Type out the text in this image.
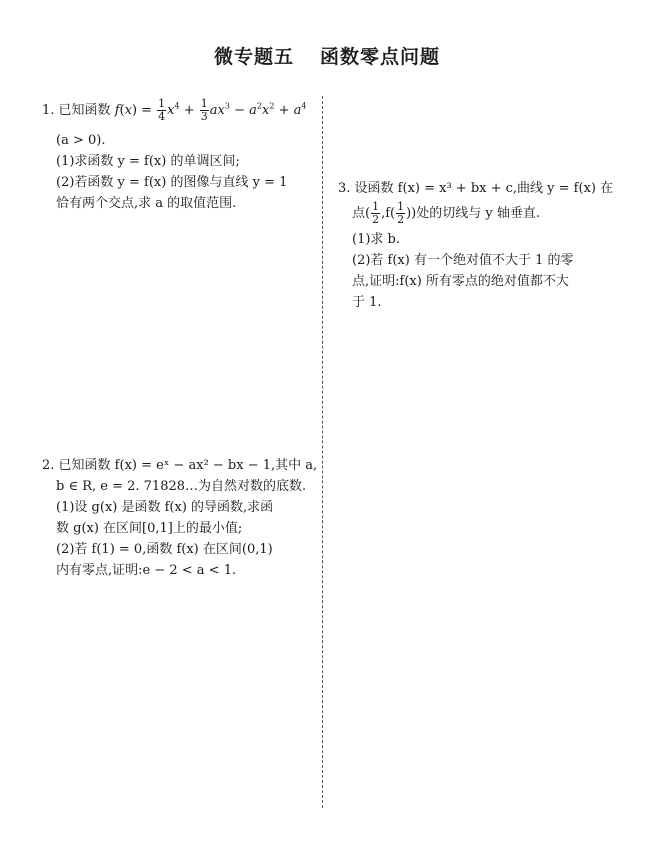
微专题五 函数零点问题
1. 已知函数 $f(x) = \frac{1}{4} x^4 + \frac{1}{3} ax^3 - a^2x^2 + a^4$
(a > 0).
(1)求函数 y = f(x) 的单调区间;
(2)若函数 y = f(x) 的图像与直线 y = 1
恰有两个交点,求 a 的取值范围.
2. 已知函数 f(x) = eˣ − ax² − bx − 1,其中 a,
b ∈ R, e = 2. 71828…为自然对数的底数.
(1)设 g(x) 是函数 f(x) 的导函数,求函
数 g(x) 在区间[0,1]上的最小值;
(2)若 f(1) = 0,函数 f(x) 在区间(0,1)
内有零点,证明:e − 2 < a < 1.
3. 设函数 f(x) = x³ + bx + c,曲线 y = f(x) 在
点( $\frac{1}{2} ,f( \frac{1}{2}$ ))处的切线与 y 轴垂直.
(1)求 b.
(2)若 f(x) 有一个绝对值不大于 1 的零
点,证明:f(x) 所有零点的绝对值都不大
于 1.
